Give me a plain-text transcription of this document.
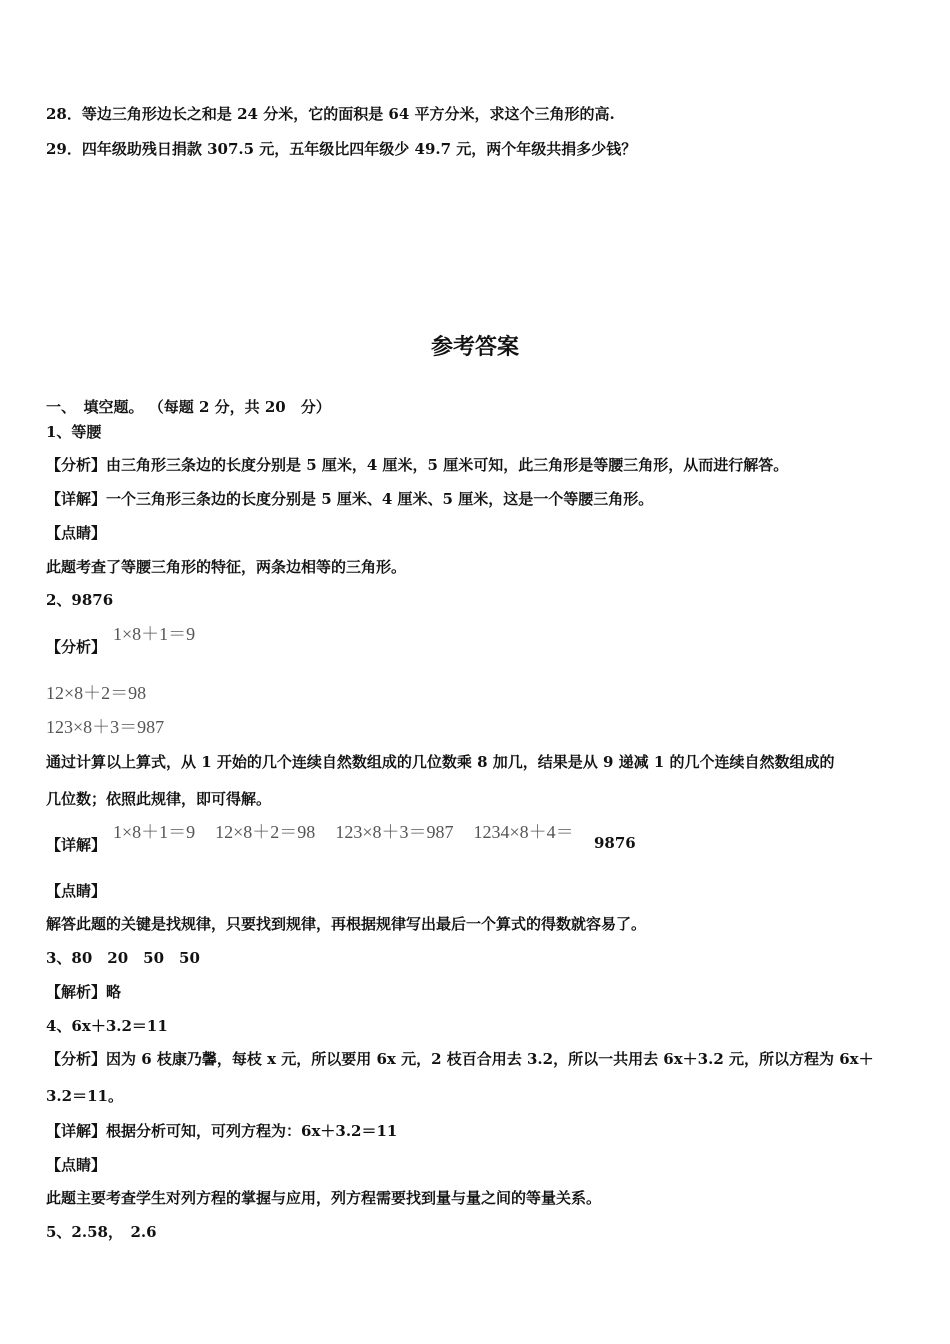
28．等边三角形边长之和是 24 分米，它的面积是 64 平方分米，求这个三角形的高.
29．四年级助残日捐款 307.5 元，五年级比四年级少 49.7 元，两个年级共捐多少钱？
参考答案
一、　填空题。 （每题 2 分，共 20　分）
1、等腰
【分析】由三角形三条边的长度分别是 5 厘米，4 厘米，5 厘米可知，此三角形是等腰三角形，从而进行解答。
【详解】一个三角形三条边的长度分别是 5 厘米、4 厘米、5 厘米，这是一个等腰三角形。
【点睛】
此题考查了等腰三角形的特征，两条边相等的三角形。
2、9876
【分析】
1×8＋1＝9
12×8＋2＝98
123×8＋3＝987
通过计算以上算式，从 1 开始的几个连续自然数组成的几位数乘 8 加几，结果是从 9 递减 1 的几个连续自然数组成的
几位数；依照此规律，即可得解。
【详解】
1×8＋1＝9 12×8＋2＝98 123×8＋3＝987 1234×8＋4＝
9876
【点睛】
解答此题的关键是找规律，只要找到规律，再根据规律写出最后一个算式的得数就容易了。
3、80　20　50　50
【解析】略
4、6x＋3.2＝11
【分析】因为 6 枝康乃馨，每枝 x 元，所以要用 6x 元，2 枝百合用去 3.2，所以一共用去 6x＋3.2 元，所以方程为 6x＋
3.2＝11。
【详解】根据分析可知，可列方程为：6x＋3.2＝11
【点睛】
此题主要考查学生对列方程的掌握与应用，列方程需要找到量与量之间的等量关系。
5、2.58，　2.6
